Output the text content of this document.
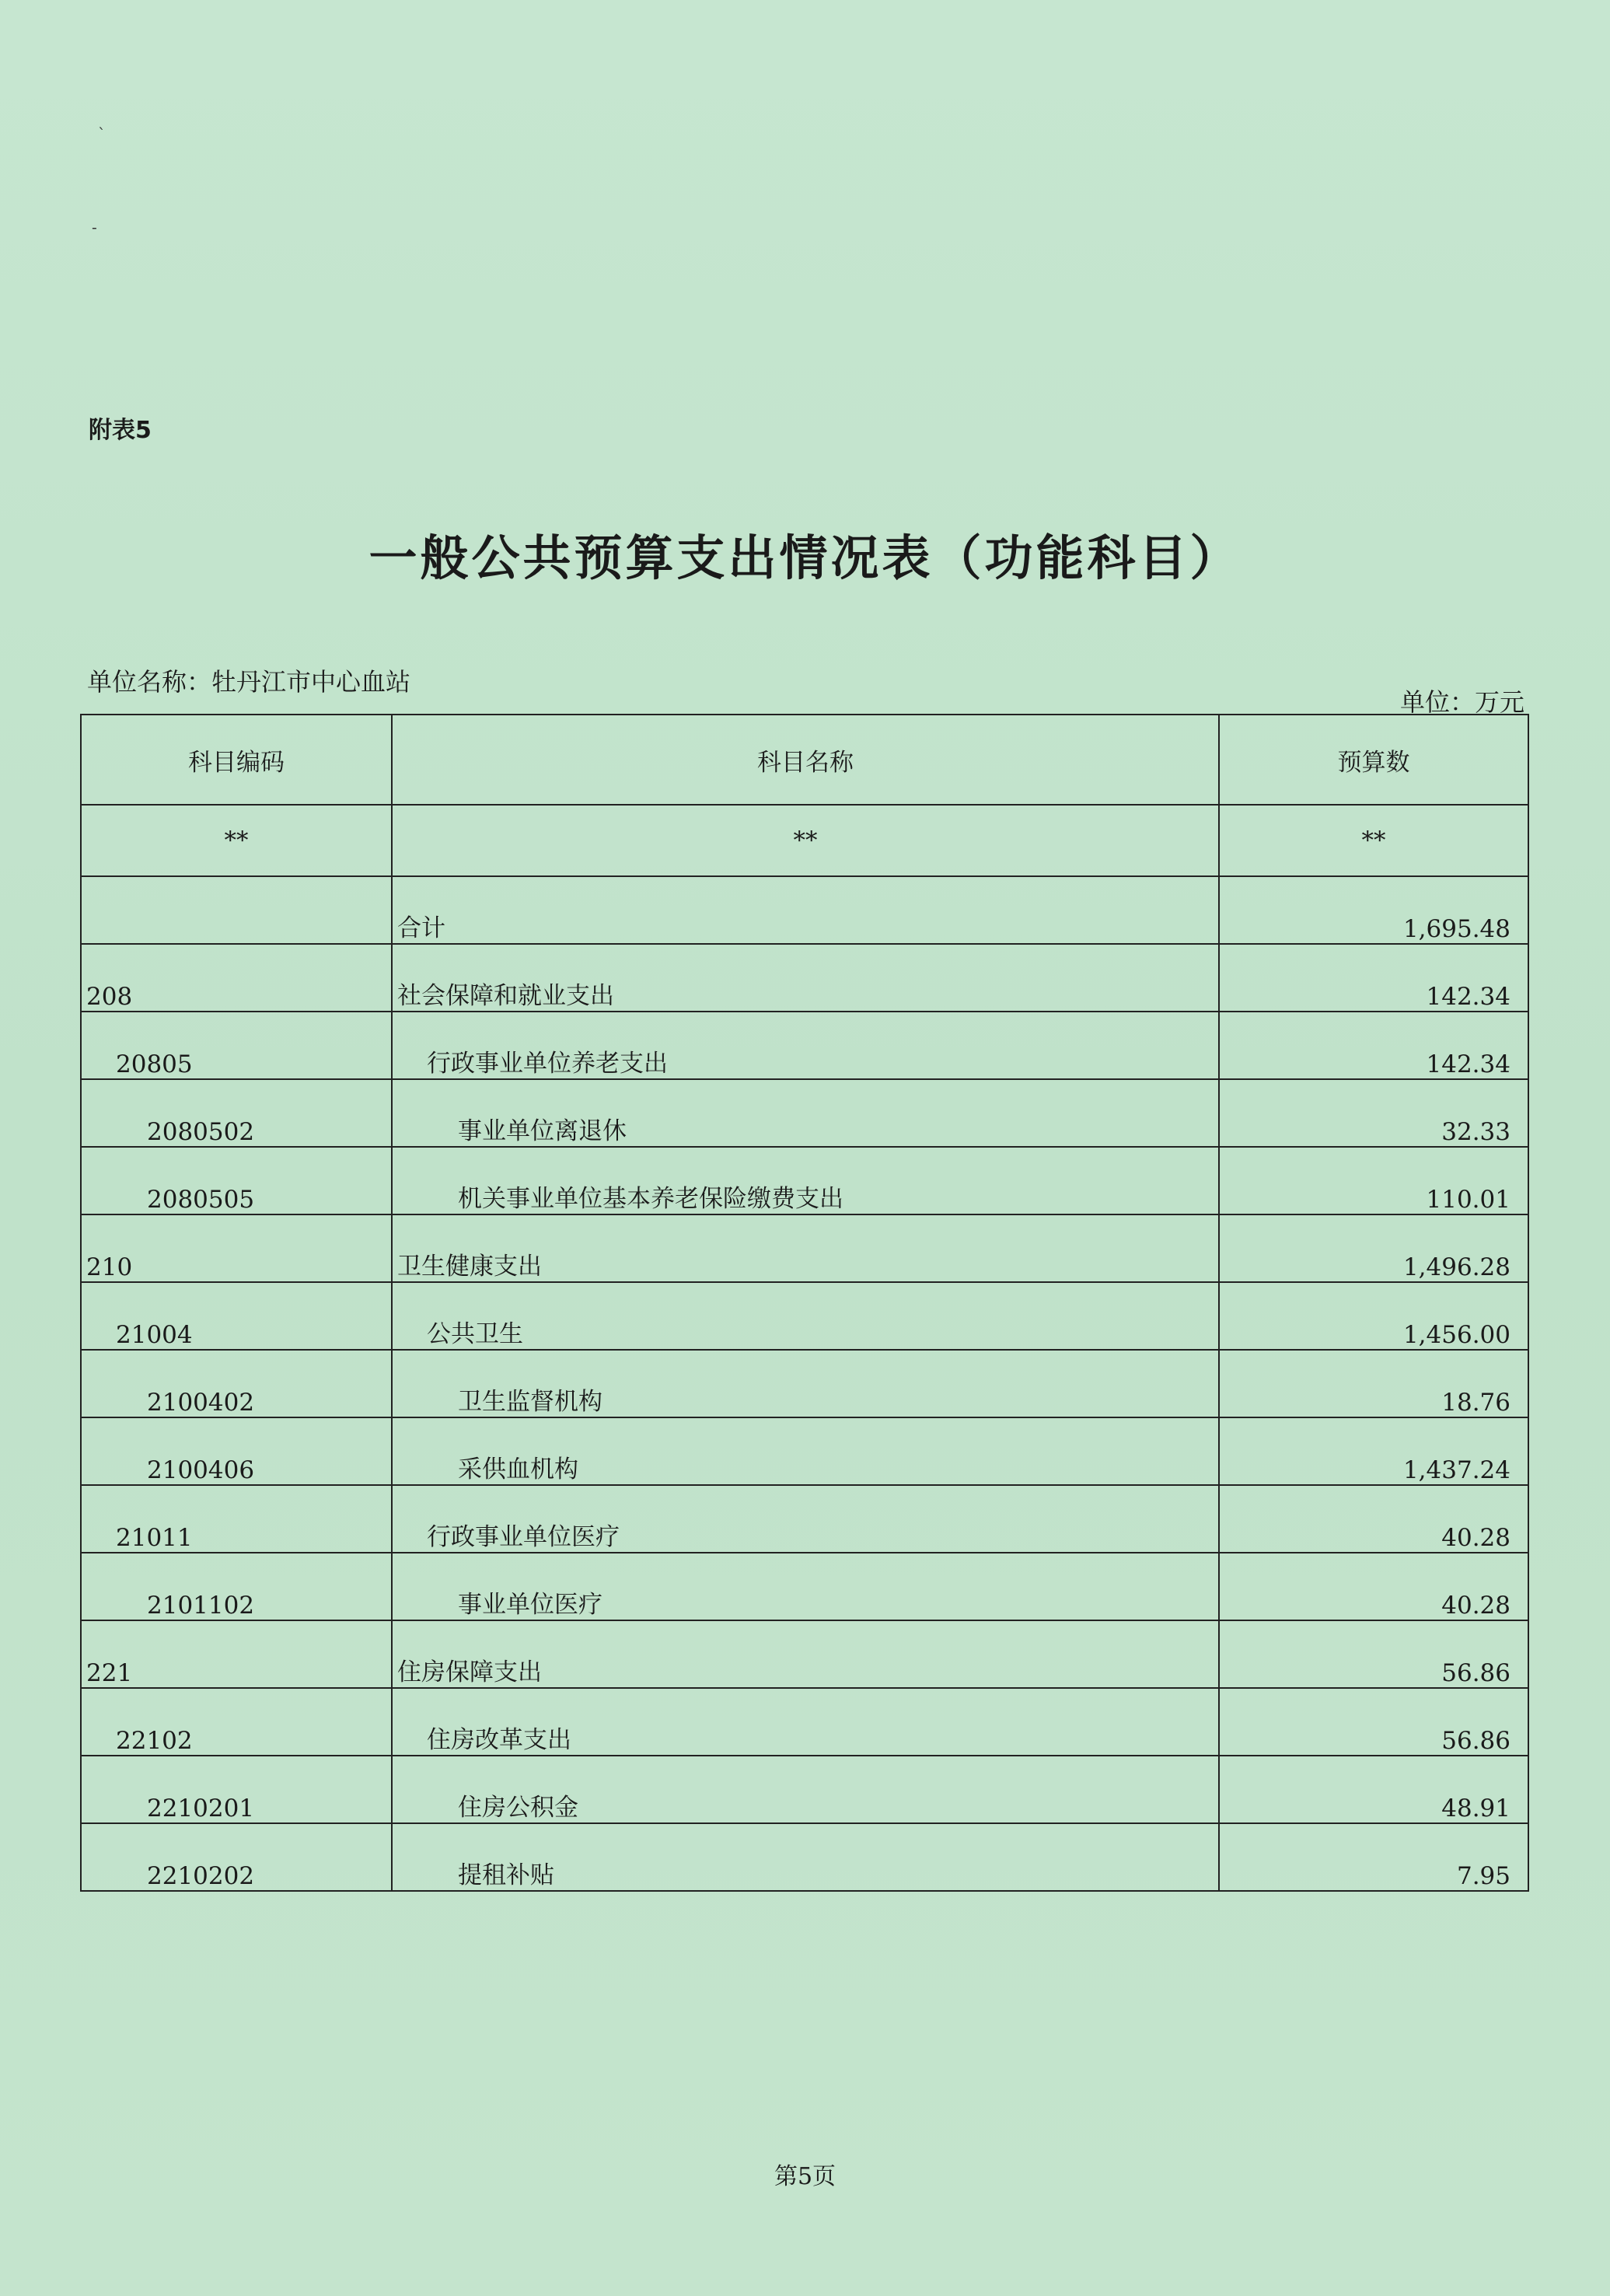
`
-
附表5
一般公共预算支出情况表（功能科目）
单位名称：牡丹江市中心血站
单位：万元
科目编码	科目名称	预算数
**	**	**
	合计	1,695.48
208	社会保障和就业支出	142.34
20805	行政事业单位养老支出	142.34
2080502	事业单位离退休	32.33
2080505	机关事业单位基本养老保险缴费支出	110.01
210	卫生健康支出	1,496.28
21004	公共卫生	1,456.00
2100402	卫生监督机构	18.76
2100406	采供血机构	1,437.24
21011	行政事业单位医疗	40.28
2101102	事业单位医疗	40.28
221	住房保障支出	56.86
22102	住房改革支出	56.86
2210201	住房公积金	48.91
2210202	提租补贴	7.95
第5页
